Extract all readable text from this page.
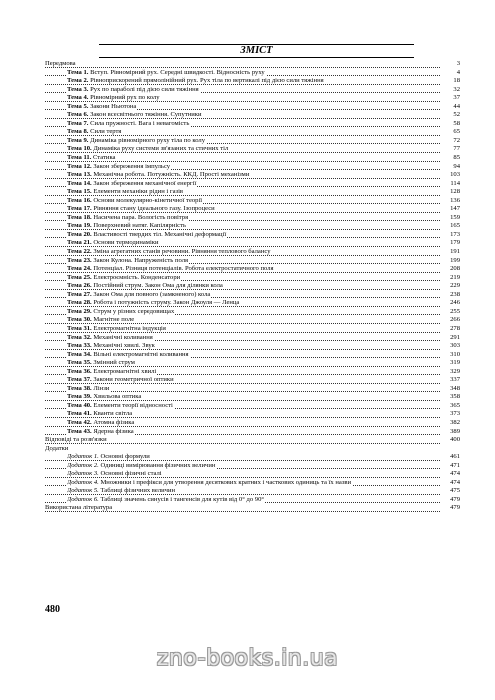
ЗМІСТ
Передмова	3
Тема 1. Вступ. Рівномірний рух. Середні швидкості. Відносність руху	4
Тема 2. Рівноприскорений прямолінійний рух. Рух тіла по вертикалі під дією сили тяжіння	18
Тема 3. Рух по параболі під дією сили тяжіння	32
Тема 4. Рівномірний рух по колу	37
Тема 5. Закони Ньютона	44
Тема 6. Закон всесвітнього тяжіння. Супутники	52
Тема 7. Сила пружності. Вага і невагомість	58
Тема 8. Сили тертя	65
Тема 9. Динаміка рівномірного руху тіла по колу	72
Тема 10. Динаміка руху системи зв'язаних та стичних тіл	77
Тема 11. Статика	85
Тема 12. Закон збереження імпульсу	94
Тема 13. Механічна робота. Потужність. ККД. Прості механізми	103
Тема 14. Закон збереження механічної енергії	114
Тема 15. Елементи механіки рідин і газів	128
Тема 16. Основи молекулярно-кінетичної теорії	136
Тема 17. Рівняння стану ідеального газу. Ізопроцеси	147
Тема 18. Насичена пара. Вологість повітря	159
Тема 19. Поверхневий натяг. Капілярність	165
Тема 20. Властивості твердих тіл. Механічні деформації	173
Тема 21. Основи термодинаміки	179
Тема 22. Зміна агрегатних станів речовини. Рівняння теплового балансу	191
Тема 23. Закон Кулона. Напруженість поля	199
Тема 24. Потенціал. Різниця потенціалів. Робота електростатичного поля	208
Тема 25. Електроємність. Конденсатори	219
Тема 26. Постійний струм. Закон Ома для ділянки кола	229
Тема 27. Закон Ома для повного (замкненого) кола	238
Тема 28. Робота і потужність струму. Закон Джоуля — Ленца	246
Тема 29. Струм у різних середовищах	255
Тема 30. Магнітне поле	266
Тема 31. Електромагнітна індукція	278
Тема 32. Механічні коливання	291
Тема 33. Механічні хвилі. Звук	303
Тема 34. Вільні електромагнітні коливання	310
Тема 35. Змінний струм	319
Тема 36. Електромагнітні хвилі	329
Тема 37. Закони геометричної оптики	337
Тема 38. Лінзи	348
Тема 39. Хвильова оптика	358
Тема 40. Елементи теорії відносності	365
Тема 41. Кванти світла	373
Тема 42. Атомна фізика	382
Тема 43. Ядерна фізика	389
Відповіді та розв'язки	400
Додатки
Додаток 1. Основні формули	461
Додаток 2. Одиниці вимірювання фізичних величин	471
Додаток 3. Основні фізичні сталі	474
Додаток 4. Множники і префікси для утворення десяткових кратних і часткових одиниць та їх назви	474
Додаток 5. Таблиці фізичних величин	475
Додаток 6. Таблиці значень синусів і тангенсів для кутів від 0° до 90°	479
Використана література	479
480
zno-books.in.ua
